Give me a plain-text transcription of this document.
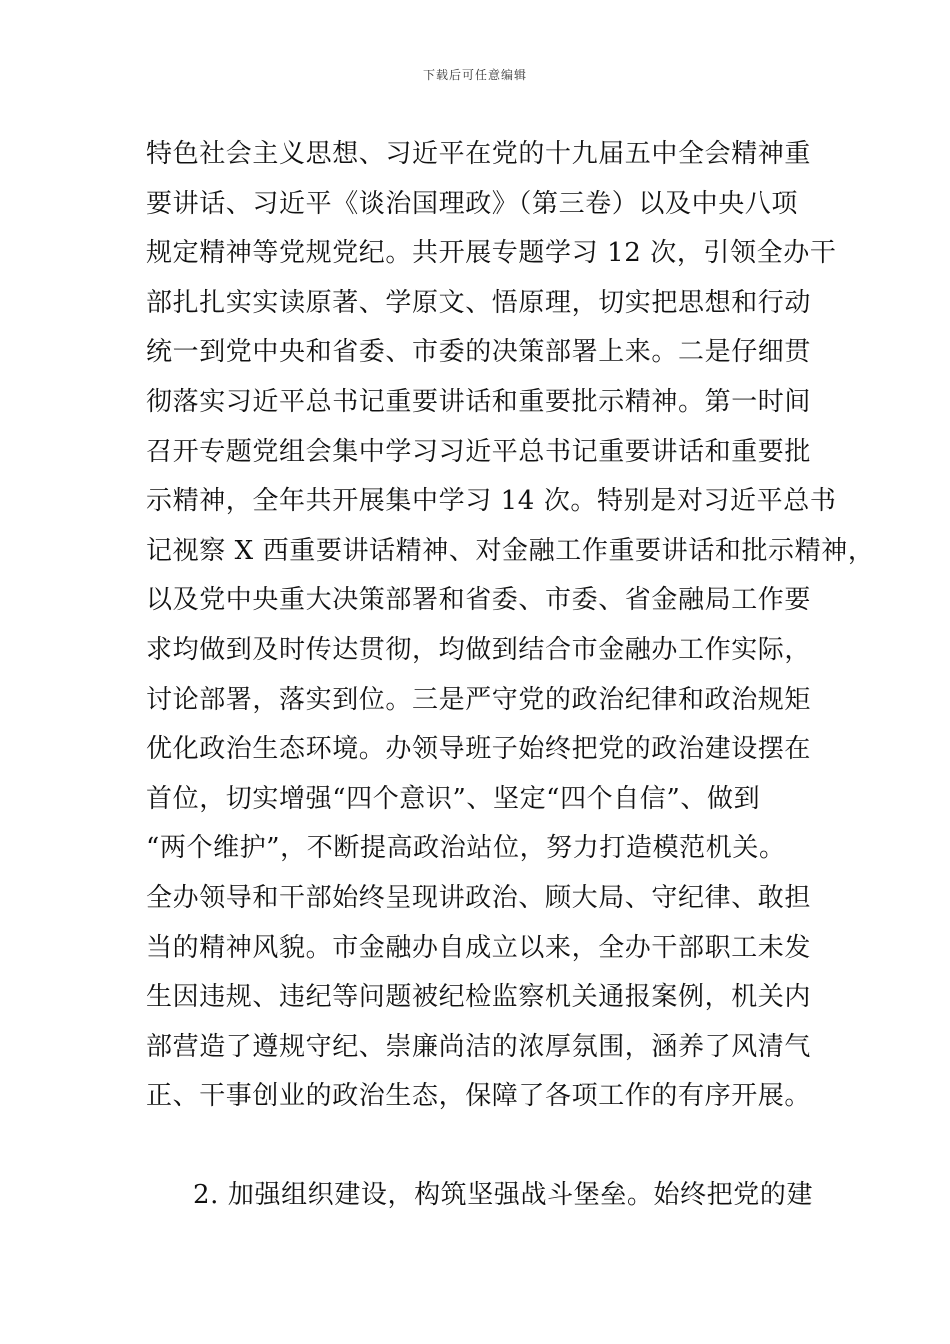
下载后可任意编辑
特色社会主义思想、习近平在党的十九届五中全会精神重
要讲话、习近平《谈治国理政》（第三卷）以及中央八项
规定精神等党规党纪。共开展专题学习 12 次，引领全办干
部扎扎实实读原著、学原文、悟原理，切实把思想和行动
统一到党中央和省委、市委的决策部署上来。二是仔细贯
彻落实习近平总书记重要讲话和重要批示精神。第一时间
召开专题党组会集中学习习近平总书记重要讲话和重要批
示精神，全年共开展集中学习 14 次。特别是对习近平总书
记视察 X 西重要讲话精神、对金融工作重要讲话和批示精神，
以及党中央重大决策部署和省委、市委、省金融局工作要
求均做到及时传达贯彻，均做到结合市金融办工作实际，
讨论部署，落实到位。三是严守党的政治纪律和政治规矩
优化政治生态环境。办领导班子始终把党的政治建设摆在
首位，切实增强“四个意识”、坚定“四个自信”、做到
“两个维护”，不断提高政治站位，努力打造模范机关。
全办领导和干部始终呈现讲政治、顾大局、守纪律、敢担
当的精神风貌。市金融办自成立以来，全办干部职工未发
生因违规、违纪等问题被纪检监察机关通报案例，机关内
部营造了遵规守纪、崇廉尚洁的浓厚氛围，涵养了风清气
正、干事创业的政治生态，保障了各项工作的有序开展。
2. 加强组织建设，构筑坚强战斗堡垒。始终把党的建
